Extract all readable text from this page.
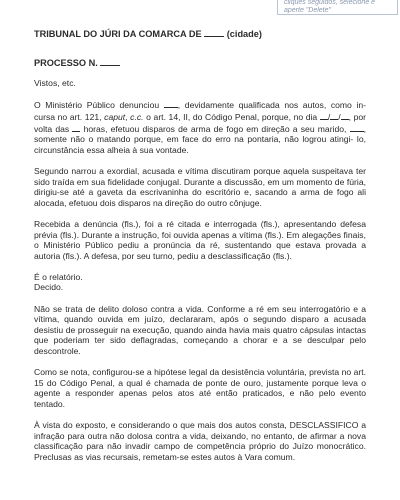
cliques seguidos, selecione e
aperte "Delete"

TRIBUNAL DO JÚRI DA COMARCA DE	(cidade)

PROCESSO N.

Vistos, etc.

O Ministério Público denunciou , devidamente qualificada nos autos, como in- cursa no art. 121, caput, c.c. o art. 14, II, do Código Penal, porque, no dia / / , por volta das horas, efetuou disparos de arma de fogo em direção a seu marido, , somente não o matando porque, em face do erro na pontaria, não logrou atingi- lo, circunstância essa alheia à sua vontade.

Segundo narrou a exordial, acusada e vítima discutiram porque aquela suspeitava ter sido traída em sua fidelidade conjugal. Durante a discussão, em um momento de fúria, dirigiu-se até a gaveta da escrivaninha do escritório e, sacando a arma de fogo ali alocada, efetuou dois disparos na direção do outro cônjuge.

Recebida a denúncia (fls.), foi a ré citada e interrogada (fls.), apresentando defesa prévia (fls.). Durante a instrução, foi ouvida apenas a vítima (fls.). Em alegações finais, o Ministério Público pediu a pronúncia da ré, sustentando que estava provada a autoria (fls.). A defesa, por seu turno, pediu a desclassificação (fls.).

É o relatório.

Decido.

Não se trata de delito doloso contra a vida. Conforme a ré em seu interrogatório e a vítima, quando ouvida em juízo, declararam, após o segundo disparo a acusada desistiu de prosseguir na execução, quando ainda havia mais quatro cápsulas intactas que poderiam ter sido deflagradas, começando a chorar e a se desculpar pelo descontrole.

Como se nota, configurou-se a hipótese legal da desistência voluntária, prevista no art. 15 do Código Penal, a qual é chamada de ponte de ouro, justamente porque leva o agente a responder apenas pelos atos até então praticados, e não pelo evento tentado.

À vista do exposto, e considerando o que mais dos autos consta, DESCLASSIFICO a infração para outra não dolosa contra a vida, deixando, no entanto, de afirmar a nova classificação para não invadir campo de competência próprio do Juízo monocrático. Preclusas as vias recursais, remetam-se estes autos à Vara comum.
